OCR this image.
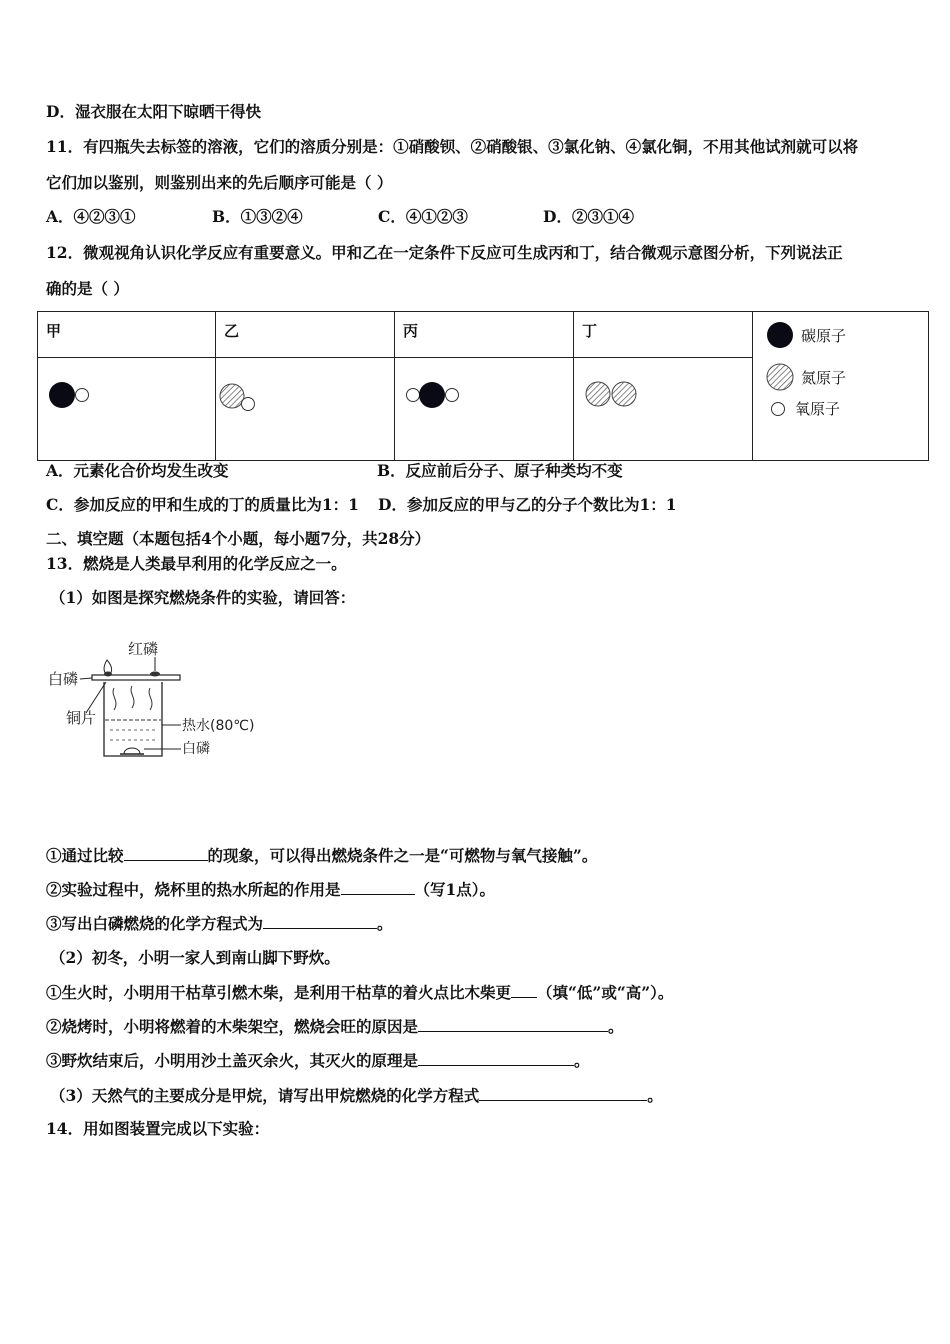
D．湿衣服在太阳下晾晒干得快
11．有四瓶失去标签的溶液，它们的溶质分别是：①硝酸钡、②硝酸银、③氯化钠、④氯化铜，不用其他试剂就可以将
它们加以鉴别，则鉴别出来的先后顺序可能是（ ）
A．④②③①	B．①③②④	C．④①②③	D．②③①④
12．微观视角认识化学反应有重要意义。甲和乙在一定条件下反应可生成丙和丁，结合微观示意图分析，下列说法正
确的是（ ）
甲	乙	丙	丁	碳原子
氮原子
氧原子

A．元素化合价均发生改变	B．反应前后分子、原子种类均不变
C．参加反应的甲和生成的丁的质量比为1：1 D．参加反应的甲与乙的分子个数比为1：1
二、填空题（本题包括4个小题，每小题7分，共28分）
13．燃烧是人类最早利用的化学反应之一。
（1）如图是探究燃烧条件的实验，请回答：
红磷
白磷
铜片	热水(80℃)
白磷
①通过比较	的现象，可以得出燃烧条件之一是“可燃物与氧气接触”。
②实验过程中，烧杯里的热水所起的作用是	（写1点）。
③写出白磷燃烧的化学方程式为	。
（2）初冬，小明一家人到南山脚下野炊。
①生火时，小明用干枯草引燃木柴，是利用干枯草的着火点比木柴更 （填“低”或“高”）。
②烧烤时，小明将燃着的木柴架空，燃烧会旺的原因是	。
③野炊结束后，小明用沙土盖灭余火，其灭火的原理是	。
（3）天然气的主要成分是甲烷，请写出甲烷燃烧的化学方程式	。
14．用如图装置完成以下实验：
